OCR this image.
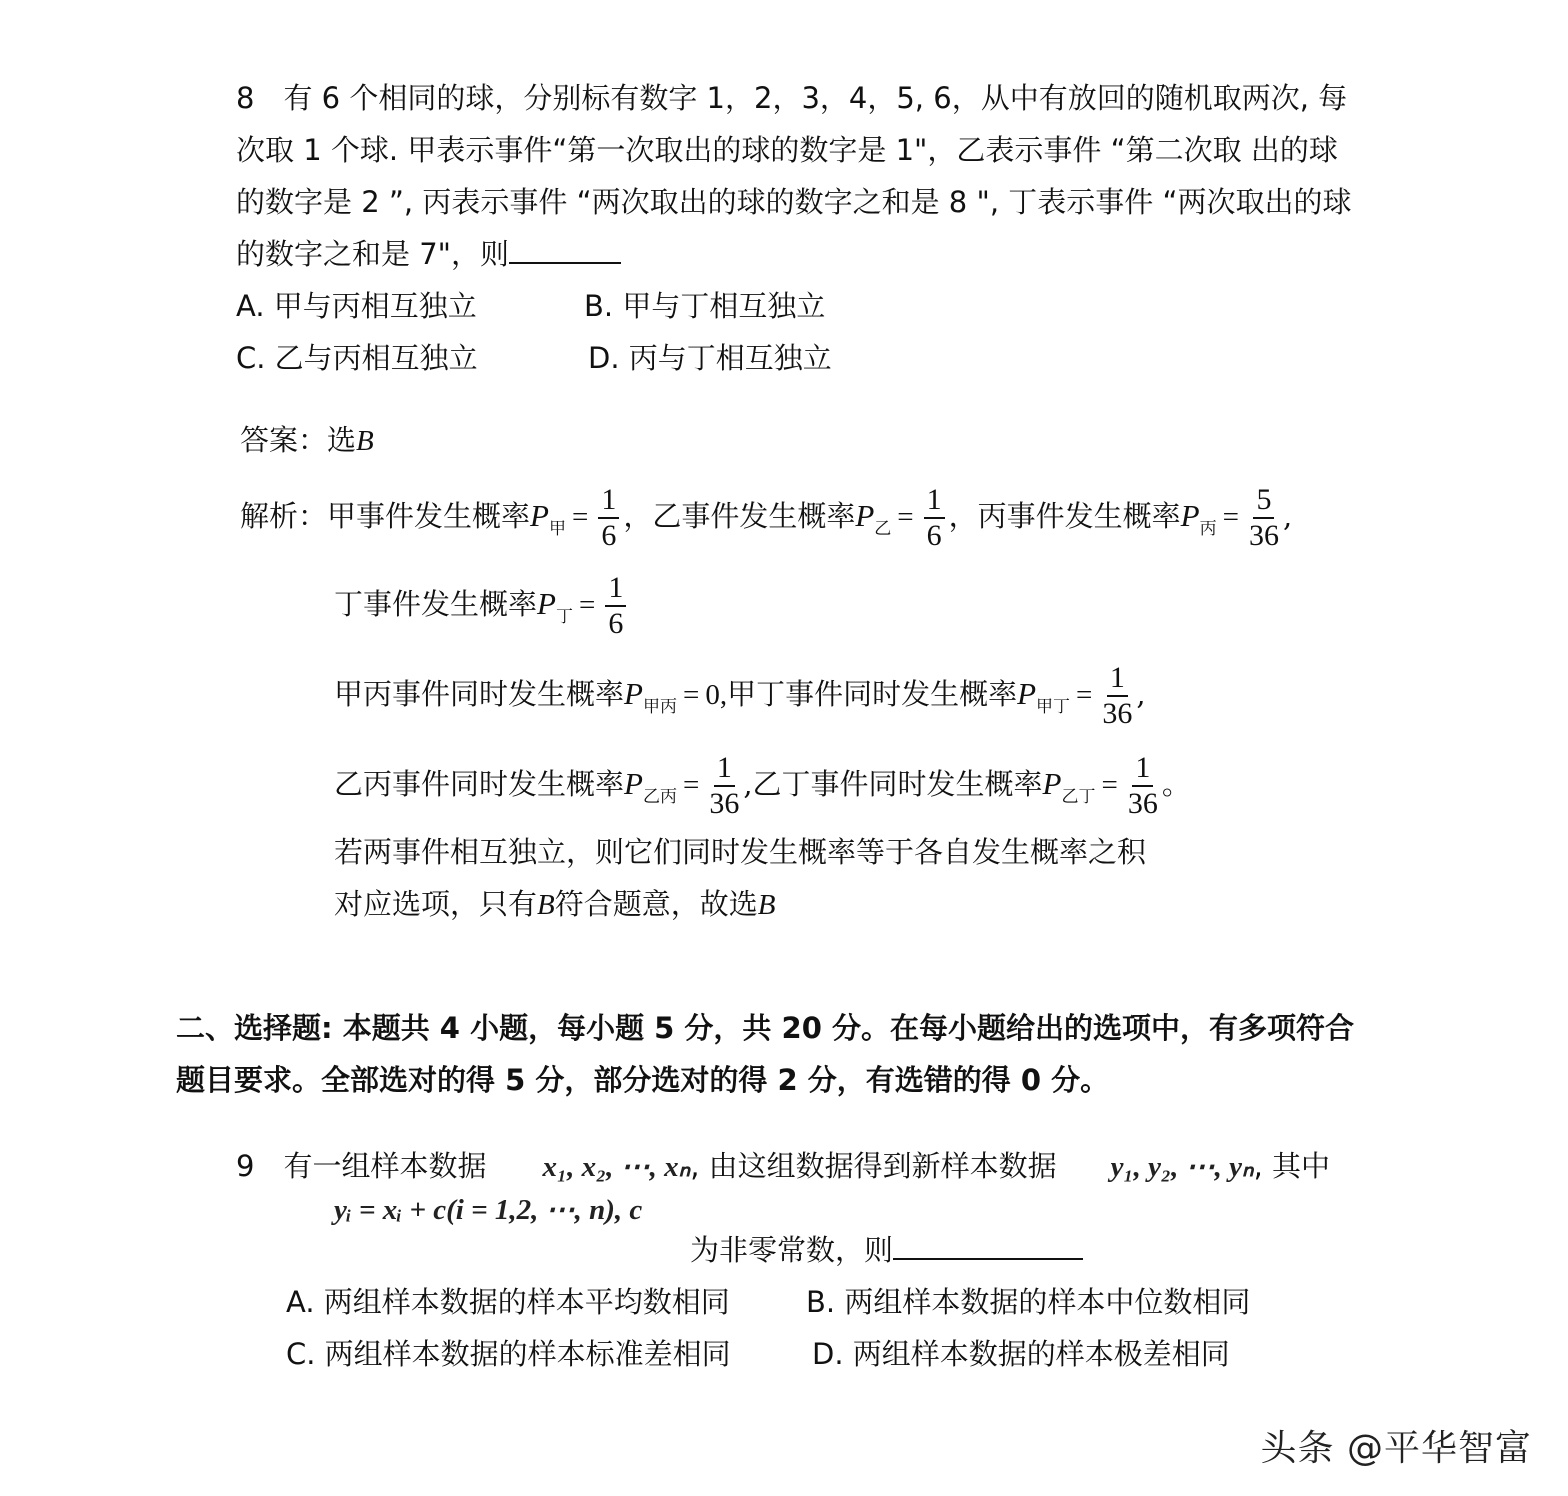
8　有 6 个相同的球，分别标有数字 1，2，3，4，5, 6，从中有放回的随机取两次, 每
次取 1 个球. 甲表示事件“第一次取出的球的数字是 1"，乙表示事件 “第二次取 出的球
的数字是 2 ”, 丙表示事件 “两次取出的球的数字之和是 8 ", 丁表示事件 “两次取出的球
的数字之和是 7"，则
A. 甲与丙相互独立	B. 甲与丁相互独立
C. 乙与丙相互独立	D. 丙与丁相互独立
答案：选B
解析：甲事件发生概率$P_甲 = \frac{1}{6}$ ，乙事件发生概率$P_乙 = \frac{1}{6}$ ，丙事件发生概率$P_丙 = \frac{5}{36}$ ,
丁事件发生概率$P_丁 = \frac{1}{6}$
甲丙事件同时发生概率$P_{甲丙} = 0$,甲丁事件同时发生概率$P_{甲丁} = \frac{1}{36}$ ,
乙丙事件同时发生概率$P_{乙丙} = \frac{1}{36}$ ,乙丁事件同时发生概率$P_{乙丁} = \frac{1}{36}$ 。
若两事件相互独立，则它们同时发生概率等于各自发生概率之积
对应选项，只有B符合题意，故选B
二、选择题: 本题共 4 小题，每小题 5 分，共 20 分。在每小题给出的选项中，有多项符合
题目要求。全部选对的得 5 分，部分选对的得 2 分，有选错的得 0 分。
9　有一组样本数据 x₁, x₂, ⋯, xₙ, 由这组数据得到新样本数据 y₁, y₂, ⋯, yₙ, 其中
yᵢ = xᵢ + c(i = 1,2, ⋯, n), c
为非零常数，则
A. 两组样本数据的样本平均数相同	B. 两组样本数据的样本中位数相同
C. 两组样本数据的样本标准差相同	D. 两组样本数据的样本极差相同
头条 @平华智富
